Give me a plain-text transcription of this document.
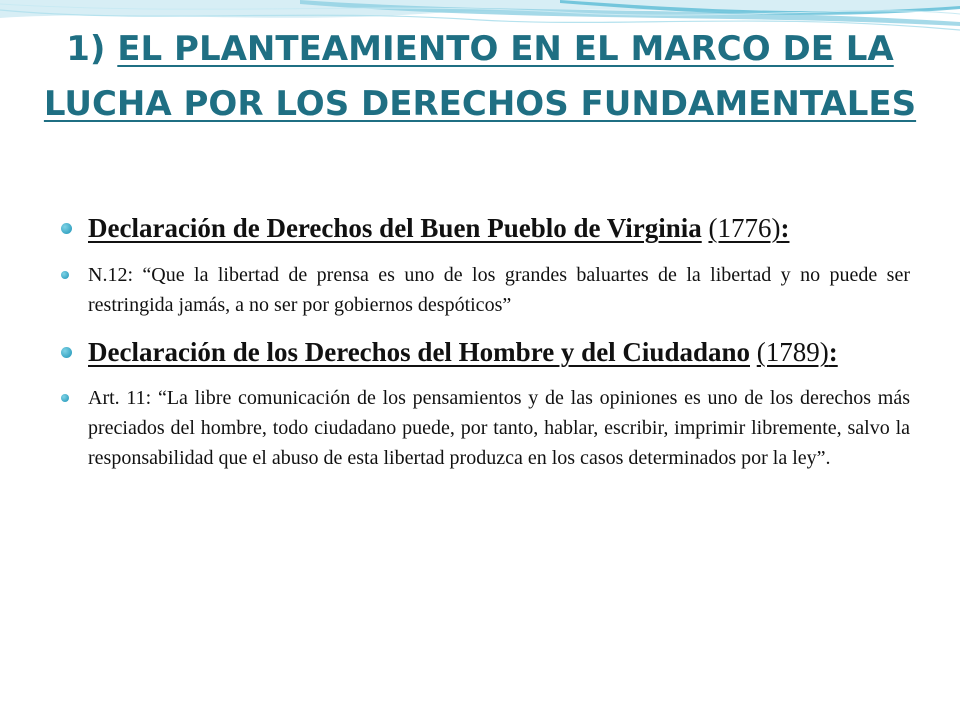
1) EL PLANTEAMIENTO EN EL MARCO DE LA LUCHA POR LOS DERECHOS FUNDAMENTALES

Declaración de Derechos del Buen Pueblo de Virginia (1776):

N.12: “Que la libertad de prensa es uno de los grandes baluartes de la libertad y no puede ser restringida jamás, a no ser por gobiernos despóticos”

Declaración de los Derechos del Hombre y del Ciudadano (1789):

Art. 11: “La libre comunicación de los pensamientos y de las opiniones es uno de los derechos más preciados del hombre, todo ciudadano puede, por tanto, hablar, escribir, imprimir libremente, salvo la responsabilidad que el abuso de esta libertad produzca en los casos determinados por la ley”.
